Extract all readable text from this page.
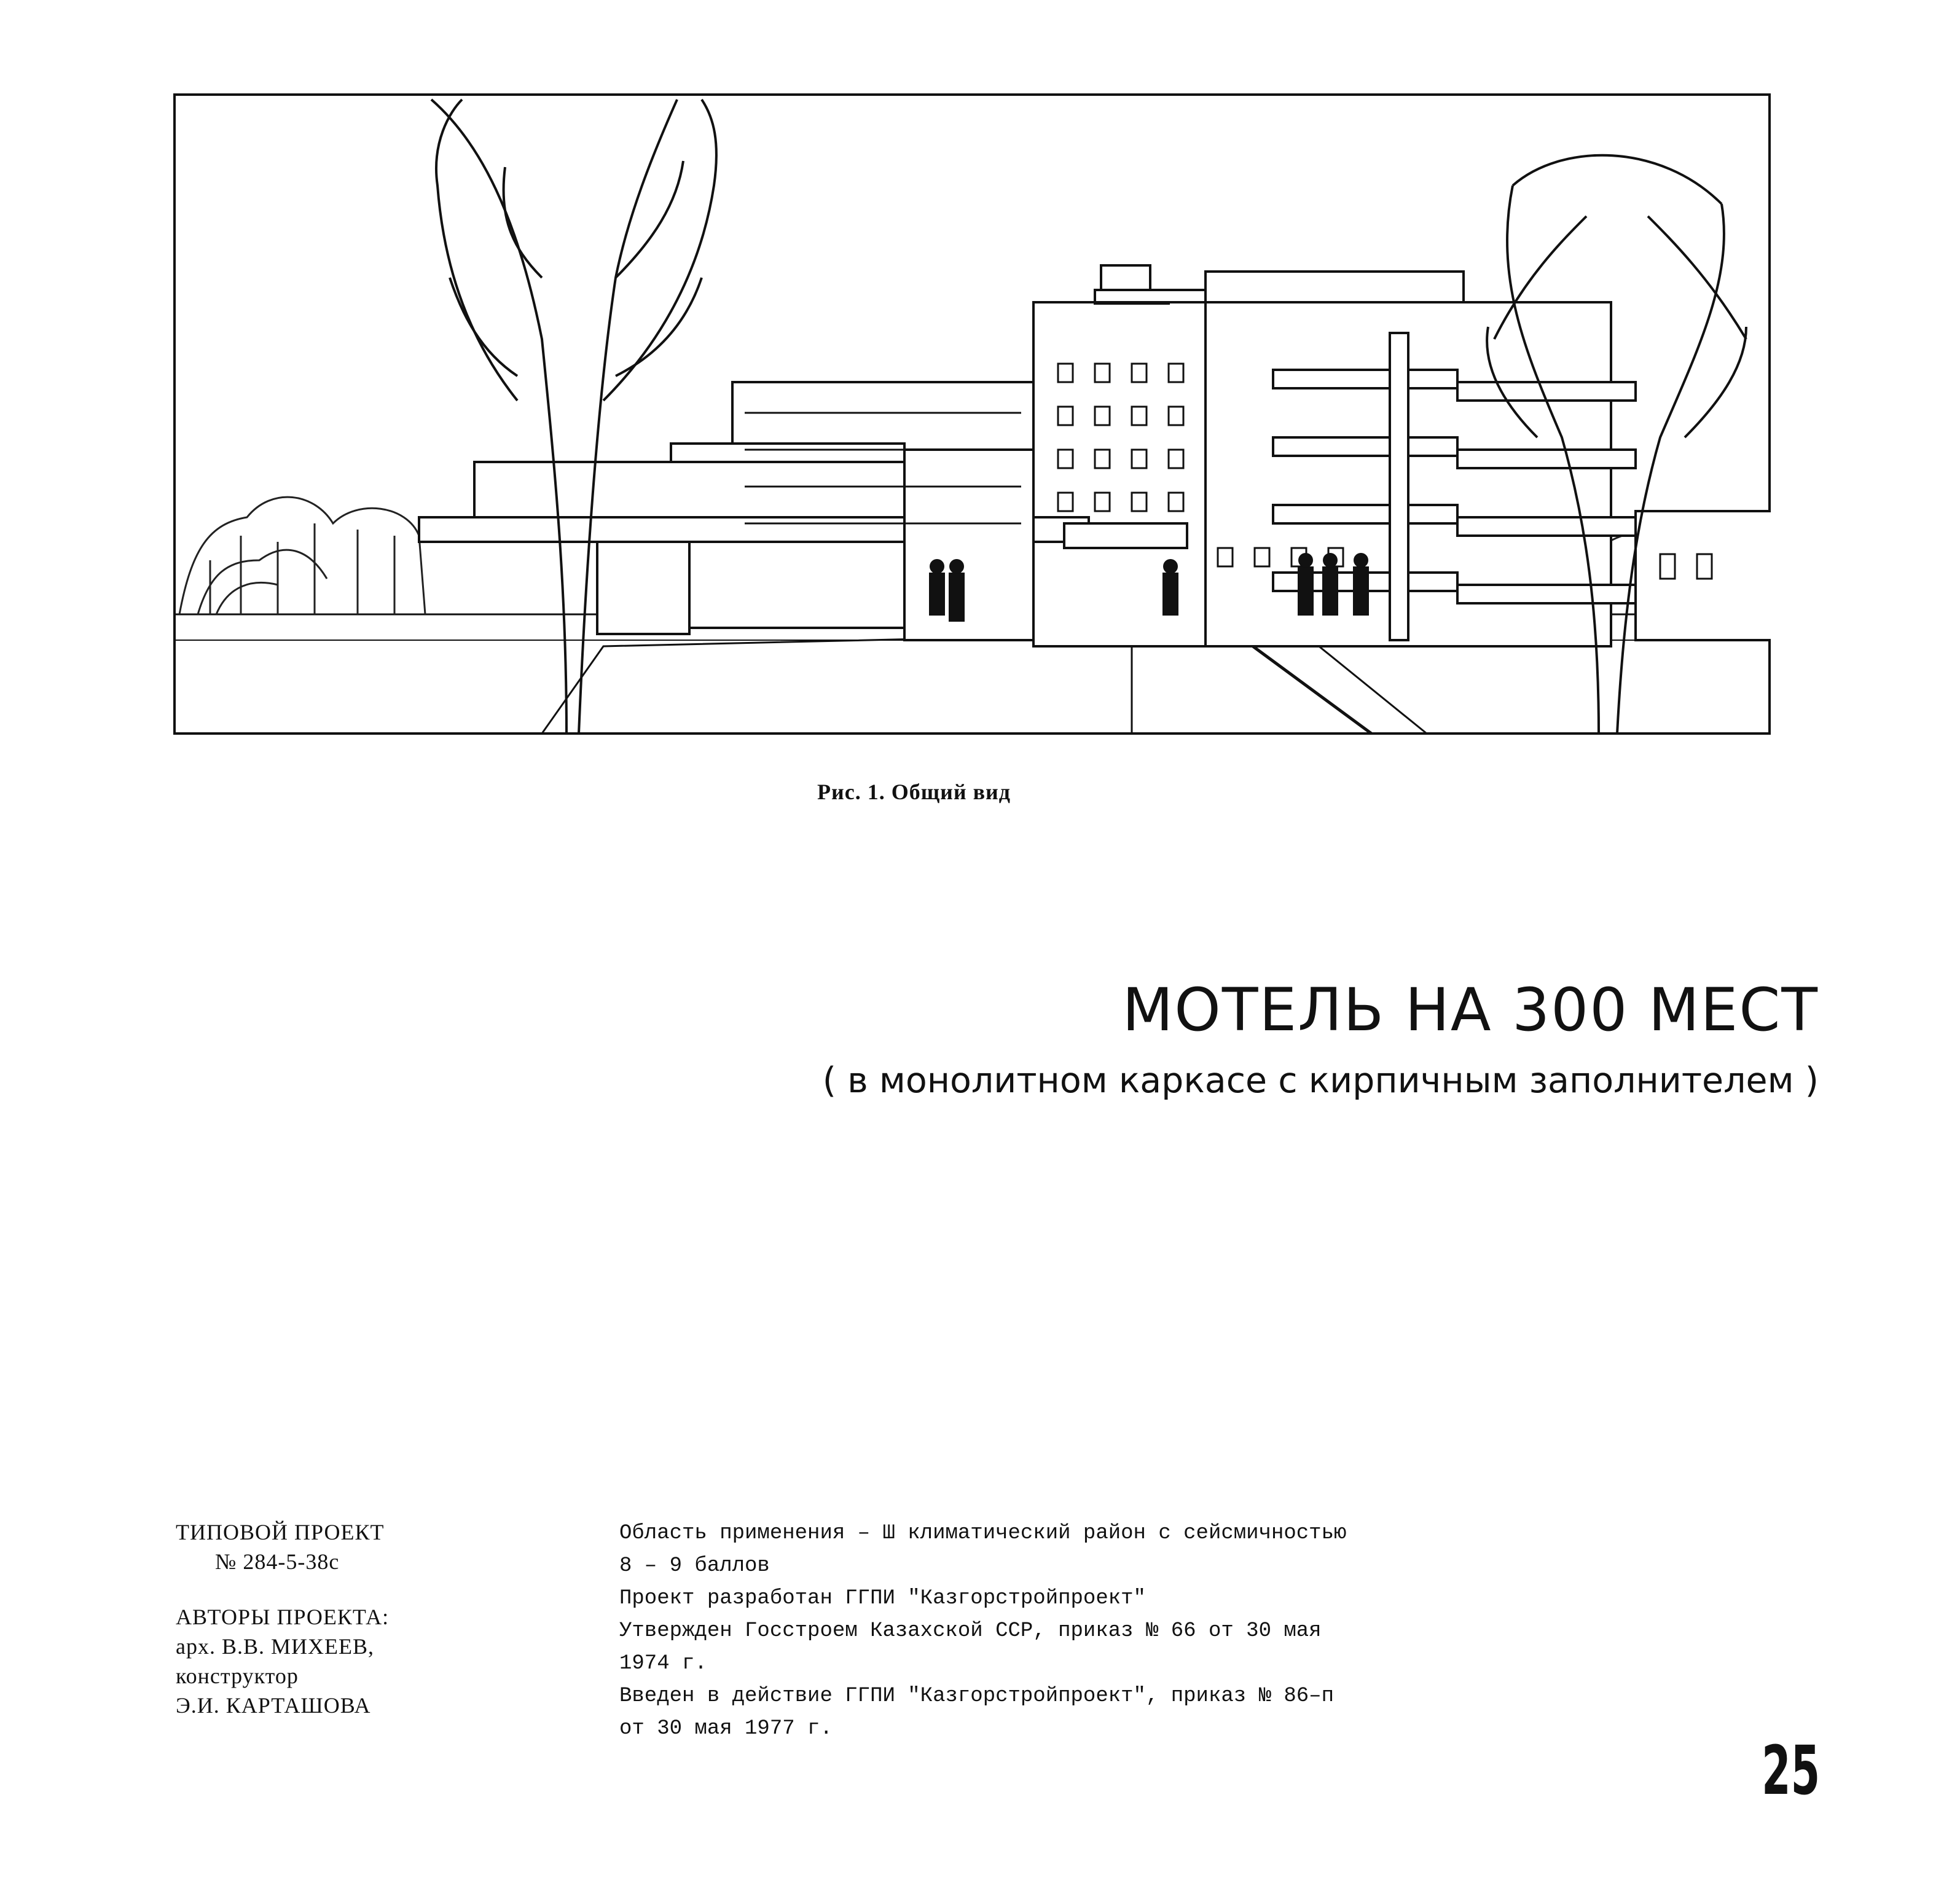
Рис. 1. Общий вид
МОТЕЛЬ НА 300 МЕСТ
( в монолитном каркасе с кирпичным заполнителем )
ТИПОВОЙ ПРОЕКТ
№ 284-5-38с
АВТОРЫ ПРОЕКТА:
арх. В.В. МИХЕЕВ,
конструктор
Э.И. КАРТАШОВА
Область применения – Ш климатический район с сейсмичностью
8 – 9 баллов
Проект разработан ГГПИ "Казгорстройпроект"
Утвержден Госстроем Казахской ССР, приказ № 66 от 30 мая
1974 г.
Введен в действие ГГПИ "Казгорстройпроект", приказ № 86–п
от 30 мая 1977 г.
25
